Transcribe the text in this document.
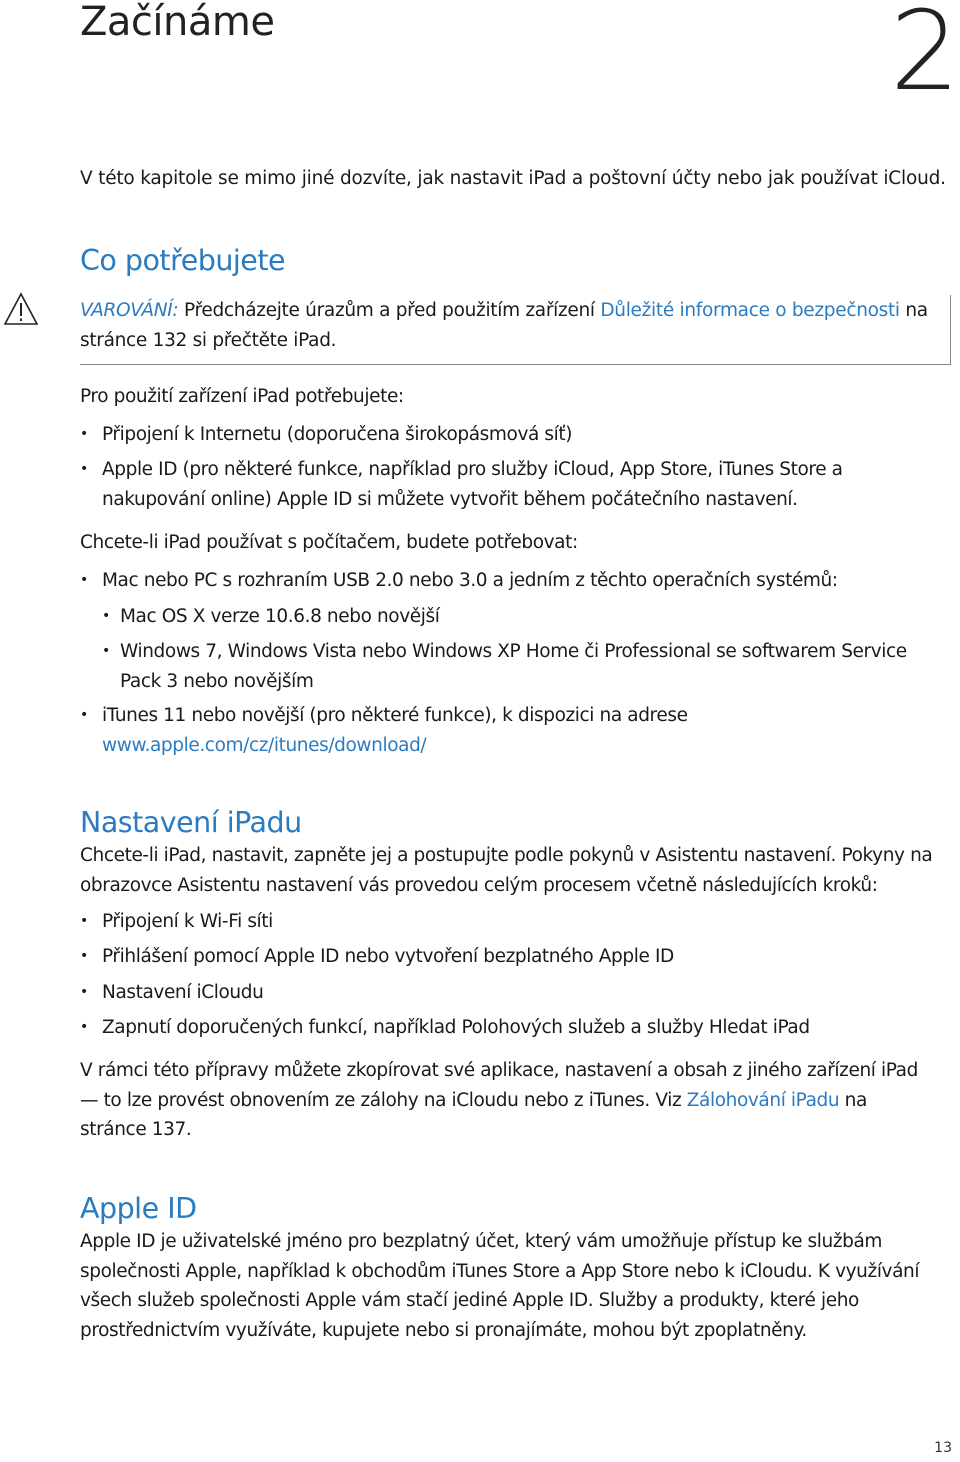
Začínáme	2
V této kapitole se mimo jiné dozvíte, jak nastavit iPad a poštovní účty nebo jak používat iCloud.
Co potřebujete
VAROVÁNÍ: Předcházejte úrazům a před použitím zařízení Důležité informace o bezpečnosti na stránce 132 si přečtěte iPad.
Pro použití zařízení iPad potřebujete:
• Připojení k Internetu (doporučena širokopásmová síť)
• Apple ID (pro některé funkce, například pro služby iCloud, App Store, iTunes Store a nakupování online) Apple ID si můžete vytvořit během počátečního nastavení.
Chcete-li iPad používat s počítačem, budete potřebovat:
• Mac nebo PC s rozhraním USB 2.0 nebo 3.0 a jedním z těchto operačních systémů:
• Mac OS X verze 10.6.8 nebo novější
• Windows 7, Windows Vista nebo Windows XP Home či Professional se softwarem Service Pack 3 nebo novějším
• iTunes 11 nebo novější (pro některé funkce), k dispozici na adrese www.apple.com/cz/itunes/download/
Nastavení iPadu
Chcete-li iPad, nastavit, zapněte jej a postupujte podle pokynů v Asistentu nastavení. Pokyny na obrazovce Asistentu nastavení vás provedou celým procesem včetně následujících kroků:
• Připojení k Wi-Fi síti
• Přihlášení pomocí Apple ID nebo vytvoření bezplatného Apple ID
• Nastavení iCloudu
• Zapnutí doporučených funkcí, například Polohových služeb a služby Hledat iPad
V rámci této přípravy můžete zkopírovat své aplikace, nastavení a obsah z jiného zařízení iPad — to lze provést obnovením ze zálohy na iCloudu nebo z iTunes. Viz Zálohování iPadu na stránce 137.
Apple ID
Apple ID je uživatelské jméno pro bezplatný účet, který vám umožňuje přístup ke službám společnosti Apple, například k obchodům iTunes Store a App Store nebo k iCloudu. K využívání všech služeb společnosti Apple vám stačí jediné Apple ID. Služby a produkty, které jeho prostřednictvím využíváte, kupujete nebo si pronajímáte, mohou být zpoplatněny.
13
